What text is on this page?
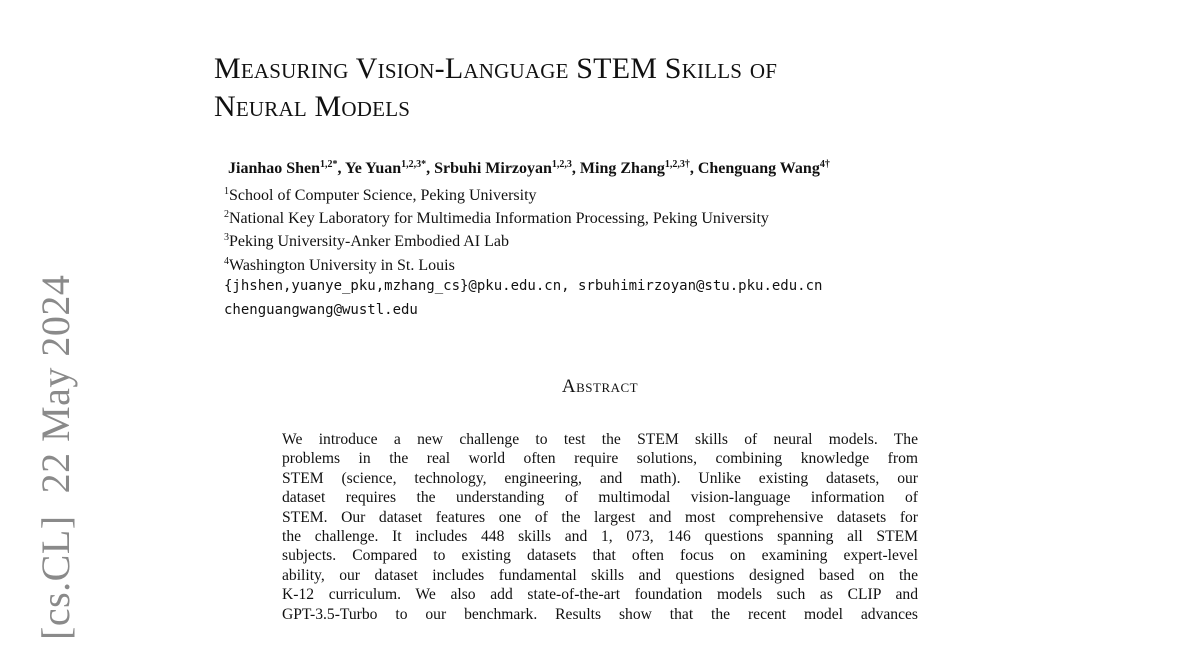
[cs.CL]22 May 2024
Measuring Vision-Language STEM Skills of
Neural Models
Jianhao Shen$^{1,2*}$, Ye Yuan$^{1,2,3*}$, Srbuhi Mirzoyan$^{1,2,3}$, Ming Zhang$^{1,2,3\dagger}$, Chenguang Wang$^{4\dagger}$
$^1$School of Computer Science, Peking University
$^2$National Key Laboratory for Multimedia Information Processing, Peking University
$^3$Peking University-Anker Embodied AI Lab
$^4$Washington University in St. Louis
{jhshen,yuanye_pku,mzhang_cs}@pku.edu.cn, srbuhimirzoyan@stu.pku.edu.cn
chenguangwang@wustl.edu
Abstract
We introduce a new challenge to test the STEM skills of neural models. The
problems in the real world often require solutions, combining knowledge from
STEM (science, technology, engineering, and math). Unlike existing datasets, our
dataset requires the understanding of multimodal vision-language information of
STEM. Our dataset features one of the largest and most comprehensive datasets for
the challenge. It includes 448 skills and 1, 073, 146 questions spanning all STEM
subjects. Compared to existing datasets that often focus on examining expert-level
ability, our dataset includes fundamental skills and questions designed based on the
K-12 curriculum. We also add state-of-the-art foundation models such as CLIP and
GPT-3.5-Turbo to our benchmark. Results show that the recent model advances
